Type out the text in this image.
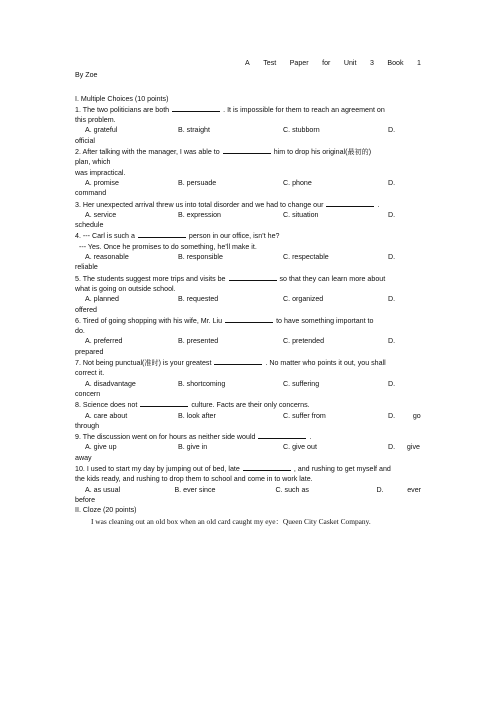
A Test Paper for Unit 3 Book 1
By Zoe
I. Multiple Choices (10 points)
1. The two politicians are both	. It is impossible for them to reach an agreement on
this problem.
A. grateful	B. straight	C. stubborn	D.
official
2. After talking with the manager, I was able to	him to drop his original(最初的)
plan, which
was impractical.
A. promise	B. persuade	C. phone	D.
command
3. Her unexpected arrival threw us into total disorder and we had to change our	.
A. service	B. expression	C. situation	D.
schedule
4. --- Carl is such a	person in our office, isn’t he?
--- Yes. Once he promises to do something, he’ll make it.
A. reasonable	B. responsible	C. respectable	D.
reliable
5. The students suggest more trips and visits be	so that they can learn more about
what is going on outside school.
A. planned	B. requested	C. organized	D.
offered
6. Tired of going shopping with his wife, Mr. Liu	to have something important to
do.
A. preferred	B. presented	C. pretended	D.
prepared
7. Not being punctual(准时) is your greatest	. No matter who points it out, you shall
correct it.
A. disadvantage	B. shortcoming	C. suffering	D.
concern
8. Science does not	culture. Facts are their only concerns.
A. care about	B. look after	C. suffer from	D.         go
through
9. The discussion went on for hours as neither side would	.
A. give up	B. give in	C. give out	D.      give
away
10. I used to start my day by jumping out of bed, late	, and rushing to get myself and
the kids ready, and rushing to drop them to school and come in to work late.
A. as usual	B. ever since	C. such as	D.            ever
before
II. Cloze (20 points)
I was cleaning out an old box when an old card caught my eye：Queen City Casket Company.
